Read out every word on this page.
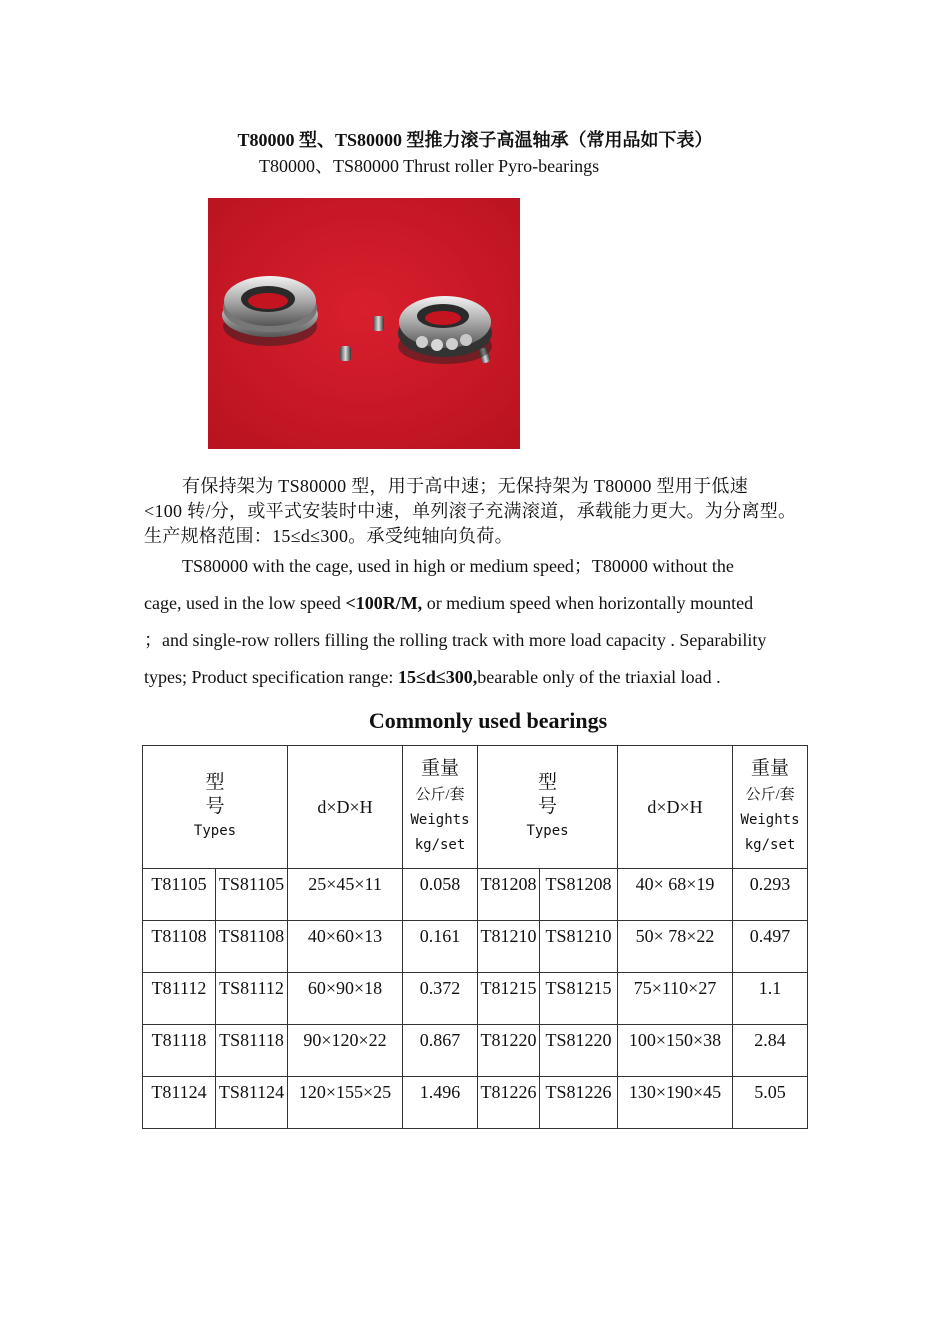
T80000 型、TS80000 型推力滚子高温轴承（常用品如下表）
T80000、TS80000 Thrust roller Pyro-bearings

有保持架为 TS80000 型，用于高中速；无保持架为 T80000 型用于低速

<100 转/分，或平式安装时中速，单列滚子充满滚道，承载能力更大。为分离型。

生产规格范围：15≤d≤300。承受纯轴向负荷。

TS80000 with the cage, used in high or medium speed；T80000 without the

cage, used in the low speed <100R/M, or medium speed when horizontally mounted

；and single-row rollers filling the rolling track with more load capacity . Separability

types; Product specification range: 15≤d≤300,bearable only of the triaxial load .

Commonly used bearings
型号
Types		d×D×H	重量
公斤/套
Weights
kg/set	型号
Types		d×D×H	重量
公斤/套
Weights
kg/set

T81105	TS81105	25×45×11	0.058	T81208	TS81208	40× 68×19	0.293
T81108	TS81108	40×60×13	0.161	T81210	TS81210	50× 78×22	0.497
T81112	TS81112	60×90×18	0.372	T81215	TS81215	75×110×27	1.1
T81118	TS81118	90×120×22	0.867	T81220	TS81220	100×150×38	2.84
T81124	TS81124	120×155×25	1.496	T81226	TS81226	130×190×45	5.05
